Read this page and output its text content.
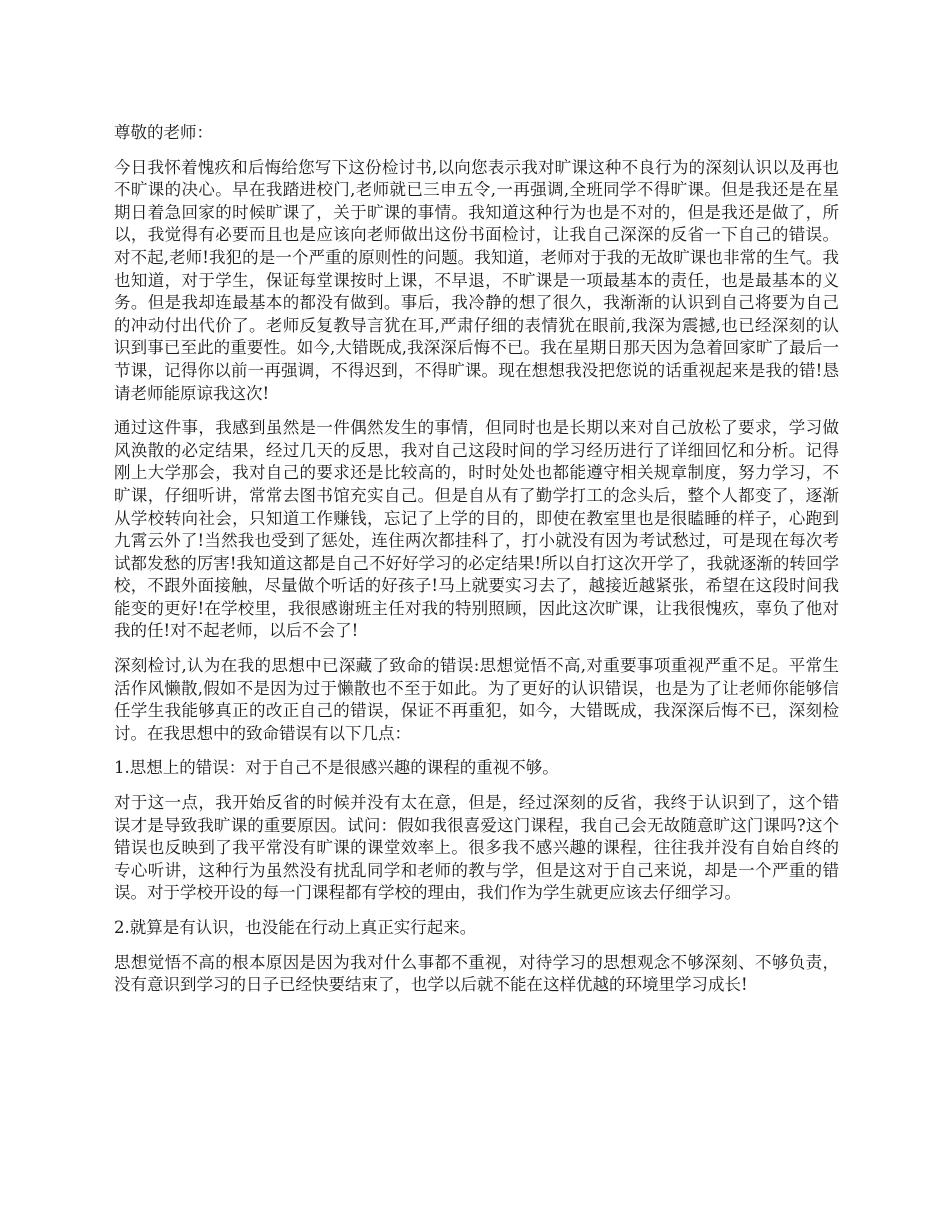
尊敬的老师：
今日我怀着愧疚和后悔给您写下这份检讨书,以向您表示我对旷课这种不良行为的深刻认识以及再也不旷课的决心。早在我踏进校门,老师就已三申五令,一再强调,全班同学不得旷课。但是我还是在星期日着急回家的时候旷课了，关于旷课的事情。我知道这种行为也是不对的，但是我还是做了，所以，我觉得有必要而且也是应该向老师做出这份书面检讨，让我自己深深的反省一下自己的错误。对不起,老师!我犯的是一个严重的原则性的问题。我知道，老师对于我的无故旷课也非常的生气。我也知道，对于学生，保证每堂课按时上课，不早退，不旷课是一项最基本的责任，也是最基本的义务。但是我却连最基本的都没有做到。事后，我冷静的想了很久，我渐渐的认识到自己将要为自己的冲动付出代价了。老师反复教导言犹在耳,严肃仔细的表情犹在眼前,我深为震撼,也已经深刻的认识到事已至此的重要性。如今,大错既成,我深深后悔不已。我在星期日那天因为急着回家旷了最后一节课，记得你以前一再强调，不得迟到，不得旷课。现在想想我没把您说的话重视起来是我的错!恳请老师能原谅我这次!
通过这件事，我感到虽然是一件偶然发生的事情，但同时也是长期以来对自己放松了要求，学习做风涣散的必定结果，经过几天的反思，我对自己这段时间的学习经历进行了详细回忆和分析。记得刚上大学那会，我对自己的要求还是比较高的，时时处处也都能遵守相关规章制度，努力学习，不旷课，仔细听讲，常常去图书馆充实自己。但是自从有了勤学打工的念头后，整个人都变了，逐渐从学校转向社会，只知道工作赚钱，忘记了上学的目的，即使在教室里也是很瞌睡的样子，心跑到九霄云外了!当然我也受到了惩处，连住两次都挂科了，打小就没有因为考试愁过，可是现在每次考试都发愁的厉害!我知道这都是自己不好好学习的必定结果!所以自打这次开学了，我就逐渐的转回学校，不跟外面接触，尽量做个听话的好孩子!马上就要实习去了，越接近越紧张，希望在这段时间我能变的更好!在学校里，我很感谢班主任对我的特别照顾，因此这次旷课，让我很愧疚，辜负了他对我的任!对不起老师，以后不会了!
深刻检讨,认为在我的思想中已深藏了致命的错误:思想觉悟不高,对重要事项重视严重不足。平常生活作风懒散,假如不是因为过于懒散也不至于如此。为了更好的认识错误，也是为了让老师你能够信任学生我能够真正的改正自己的错误，保证不再重犯，如今，大错既成，我深深后悔不已，深刻检讨。在我思想中的致命错误有以下几点：
1.思想上的错误：对于自己不是很感兴趣的课程的重视不够。
对于这一点，我开始反省的时候并没有太在意，但是，经过深刻的反省，我终于认识到了，这个错误才是导致我旷课的重要原因。试问：假如我很喜爱这门课程，我自己会无故随意旷这门课吗?这个错误也反映到了我平常没有旷课的课堂效率上。很多我不感兴趣的课程，往往我并没有自始自终的专心听讲，这种行为虽然没有扰乱同学和老师的教与学，但是这对于自己来说，却是一个严重的错误。对于学校开设的每一门课程都有学校的理由，我们作为学生就更应该去仔细学习。
2.就算是有认识，也没能在行动上真正实行起来。
思想觉悟不高的根本原因是因为我对什么事都不重视，对待学习的思想观念不够深刻、不够负责，没有意识到学习的日子已经快要结束了，也学以后就不能在这样优越的环境里学习成长!
